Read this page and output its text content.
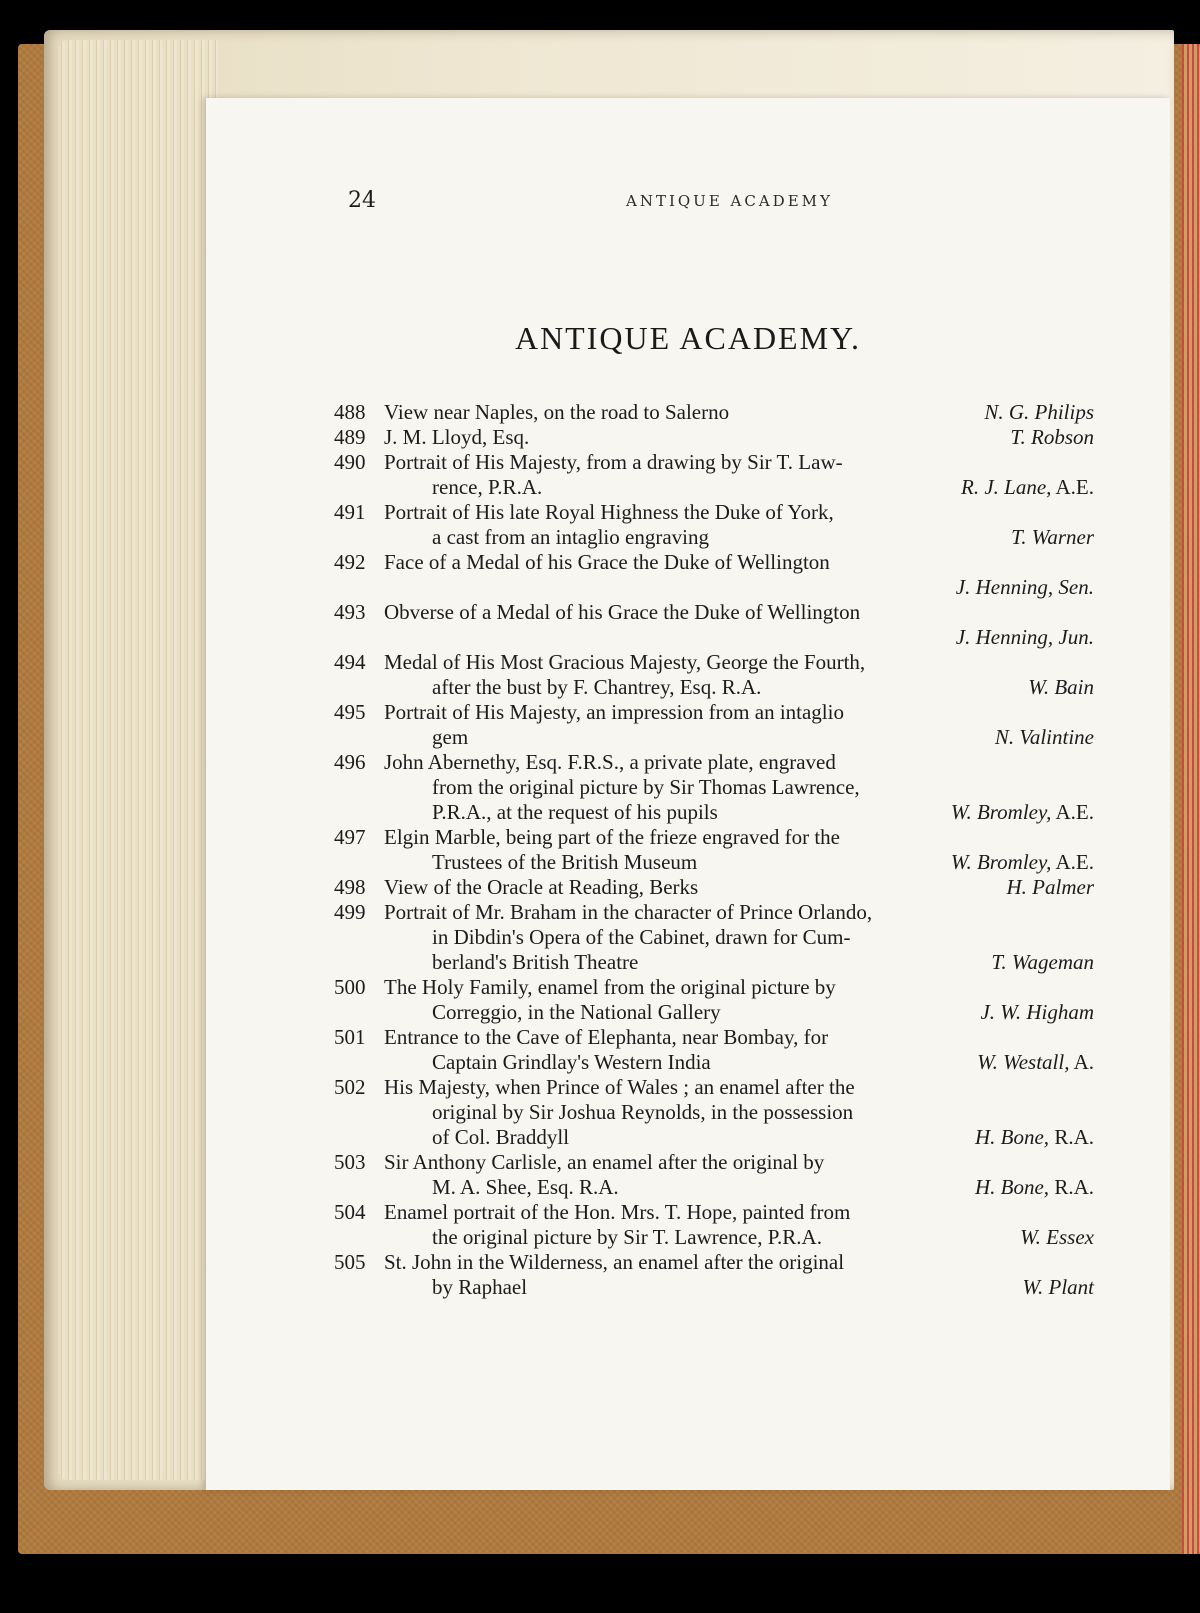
24	ANTIQUE ACADEMY
ANTIQUE ACADEMY.
488 View near Naples, on the road to Salerno	N. G. Philips
489 J. M. Lloyd, Esq.	T. Robson
490 Portrait of His Majesty, from a drawing by Sir T. Law-
rence, P.R.A.	R. J. Lane, A.E.
491 Portrait of His late Royal Highness the Duke of York,
a cast from an intaglio engraving	T. Warner
492 Face of a Medal of his Grace the Duke of Wellington
J. Henning, Sen.
493 Obverse of a Medal of his Grace the Duke of Wellington
J. Henning, Jun.
494 Medal of His Most Gracious Majesty, George the Fourth,
after the bust by F. Chantrey, Esq. R.A.	W. Bain
495 Portrait of His Majesty, an impression from an intaglio
gem	N. Valintine
496 John Abernethy, Esq. F.R.S., a private plate, engraved
from the original picture by Sir Thomas Lawrence,
P.R.A., at the request of his pupils	W. Bromley, A.E.
497 Elgin Marble, being part of the frieze engraved for the
Trustees of the British Museum	W. Bromley, A.E.
498 View of the Oracle at Reading, Berks	H. Palmer
499 Portrait of Mr. Braham in the character of Prince Orlando,
in Dibdin's Opera of the Cabinet, drawn for Cum-
berland's British Theatre	T. Wageman
500 The Holy Family, enamel from the original picture by
Correggio, in the National Gallery	J. W. Higham
501 Entrance to the Cave of Elephanta, near Bombay, for
Captain Grindlay's Western India	W. Westall, A.
502 His Majesty, when Prince of Wales ; an enamel after the
original by Sir Joshua Reynolds, in the possession
of Col. Braddyll	H. Bone, R.A.
503 Sir Anthony Carlisle, an enamel after the original by
M. A. Shee, Esq. R.A.	H. Bone, R.A.
504 Enamel portrait of the Hon. Mrs. T. Hope, painted from
the original picture by Sir T. Lawrence, P.R.A.	W. Essex
505 St. John in the Wilderness, an enamel after the original
by Raphael	W. Plant
